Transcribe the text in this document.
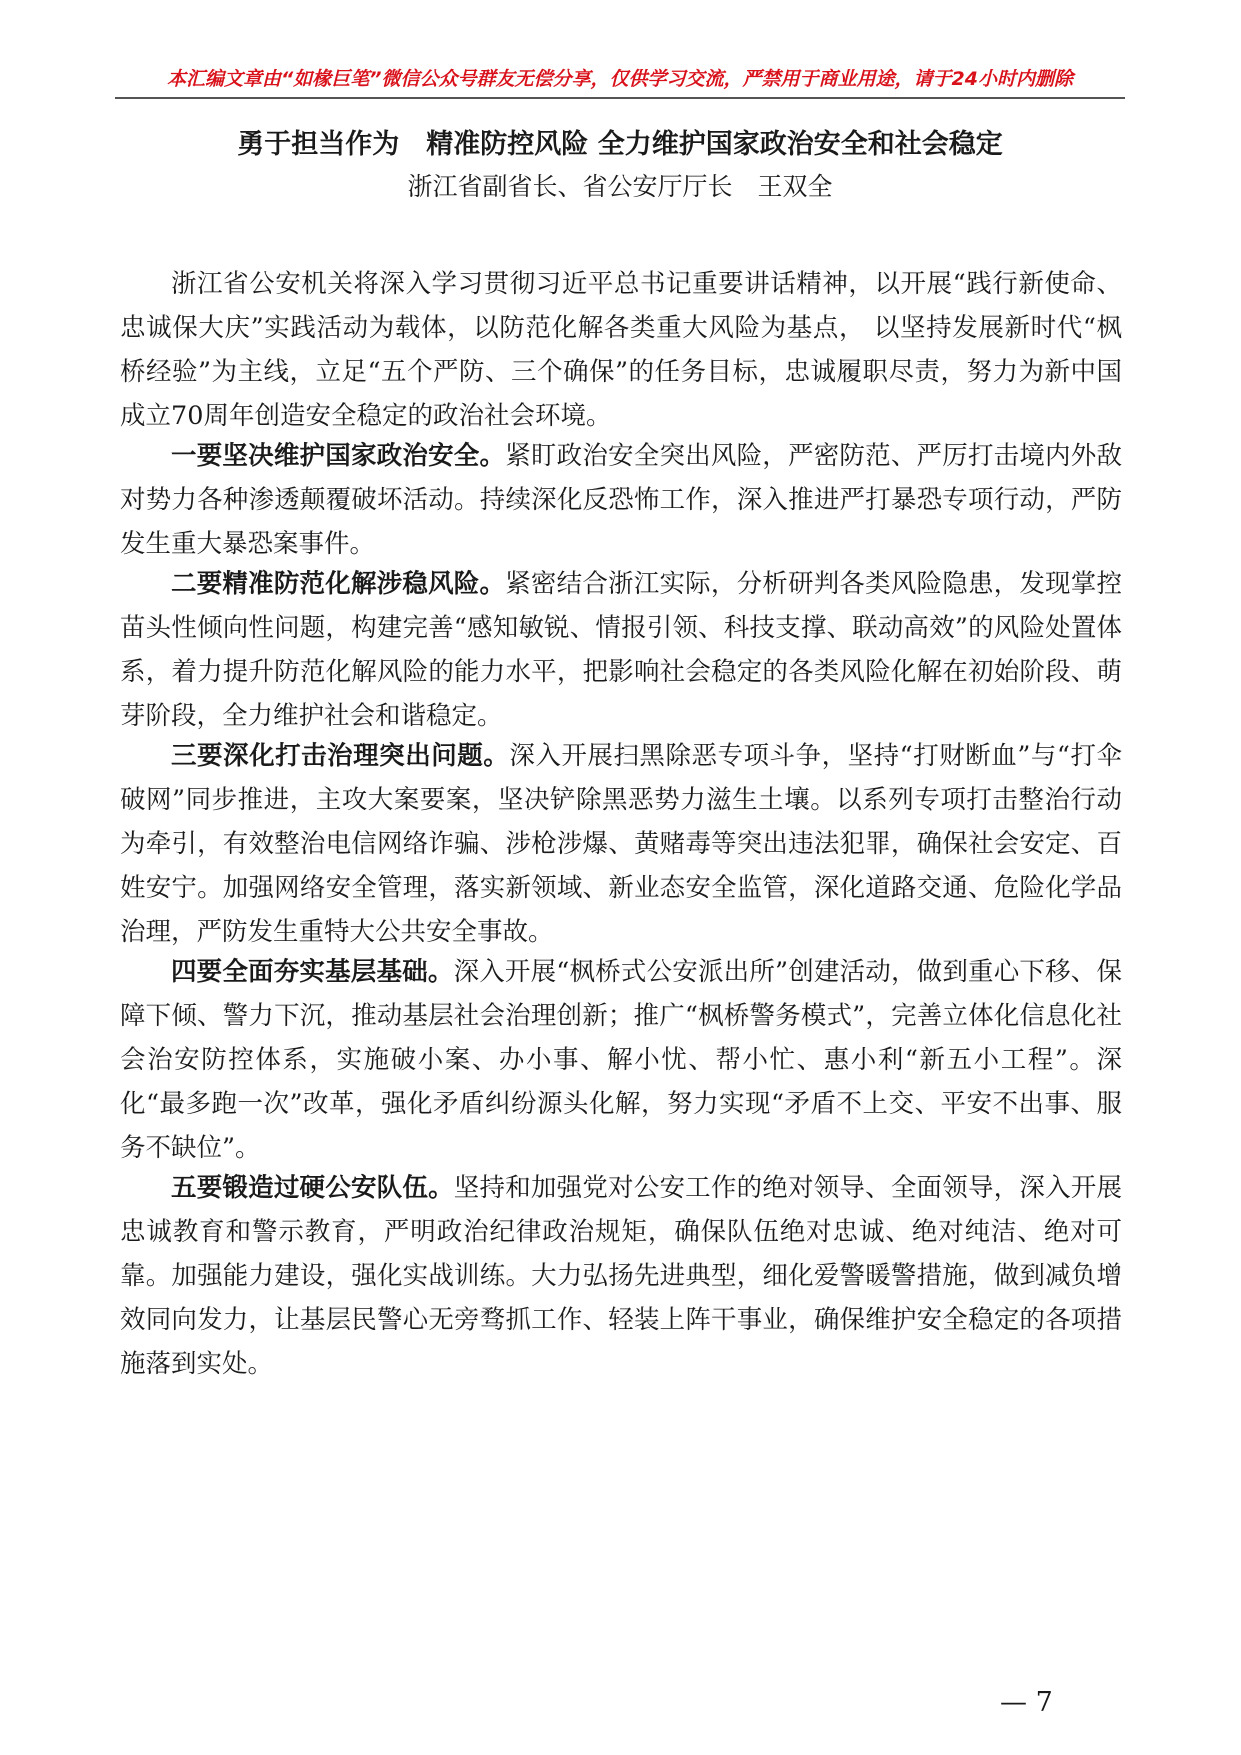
本汇编文章由“如椽巨笔”微信公众号群友无偿分享，仅供学习交流，严禁用于商业用途，请于24小时内删除
勇于担当作为　精准防控风险 全力维护国家政治安全和社会稳定
浙江省副省长、省公安厅厅长　王双全

浙江省公安机关将深入学习贯彻习近平总书记重要讲话精神，以开展“践行新使命、忠诚保大庆”实践活动为载体，以防范化解各类重大风险为基点， 以坚持发展新时代“枫桥经验”为主线，立足“五个严防、三个确保”的任务目标，忠诚履职尽责，努力为新中国成立70周年创造安全稳定的政治社会环境。

一要坚决维护国家政治安全。紧盯政治安全突出风险，严密防范、严厉打击境内外敌对势力各种渗透颠覆破坏活动。持续深化反恐怖工作，深入推进严打暴恐专项行动，严防发生重大暴恐案事件。

二要精准防范化解涉稳风险。紧密结合浙江实际，分析研判各类风险隐患，发现掌控苗头性倾向性问题，构建完善“感知敏锐、情报引领、科技支撑、联动高效”的风险处置体系，着力提升防范化解风险的能力水平，把影响社会稳定的各类风险化解在初始阶段、萌芽阶段，全力维护社会和谐稳定。

三要深化打击治理突出问题。深入开展扫黑除恶专项斗争，坚持“打财断血”与“打伞破网”同步推进，主攻大案要案，坚决铲除黑恶势力滋生土壤。以系列专项打击整治行动为牵引，有效整治电信网络诈骗、涉枪涉爆、黄赌毒等突出违法犯罪，确保社会安定、百姓安宁。加强网络安全管理，落实新领域、新业态安全监管，深化道路交通、危险化学品治理，严防发生重特大公共安全事故。

四要全面夯实基层基础。深入开展“枫桥式公安派出所”创建活动，做到重心下移、保障下倾、警力下沉，推动基层社会治理创新；推广“枫桥警务模式”，完善立体化信息化社会治安防控体系，实施破小案、办小事、解小忧、帮小忙、惠小利“新五小工程”。深化“最多跑一次”改革，强化矛盾纠纷源头化解，努力实现“矛盾不上交、平安不出事、服务不缺位”。

五要锻造过硬公安队伍。坚持和加强党对公安工作的绝对领导、全面领导，深入开展忠诚教育和警示教育，严明政治纪律政治规矩，确保队伍绝对忠诚、绝对纯洁、绝对可靠。加强能力建设，强化实战训练。大力弘扬先进典型，细化爱警暖警措施，做到减负增效同向发力，让基层民警心无旁骛抓工作、轻装上阵干事业，确保维护安全稳定的各项措施落到实处。

— 7
